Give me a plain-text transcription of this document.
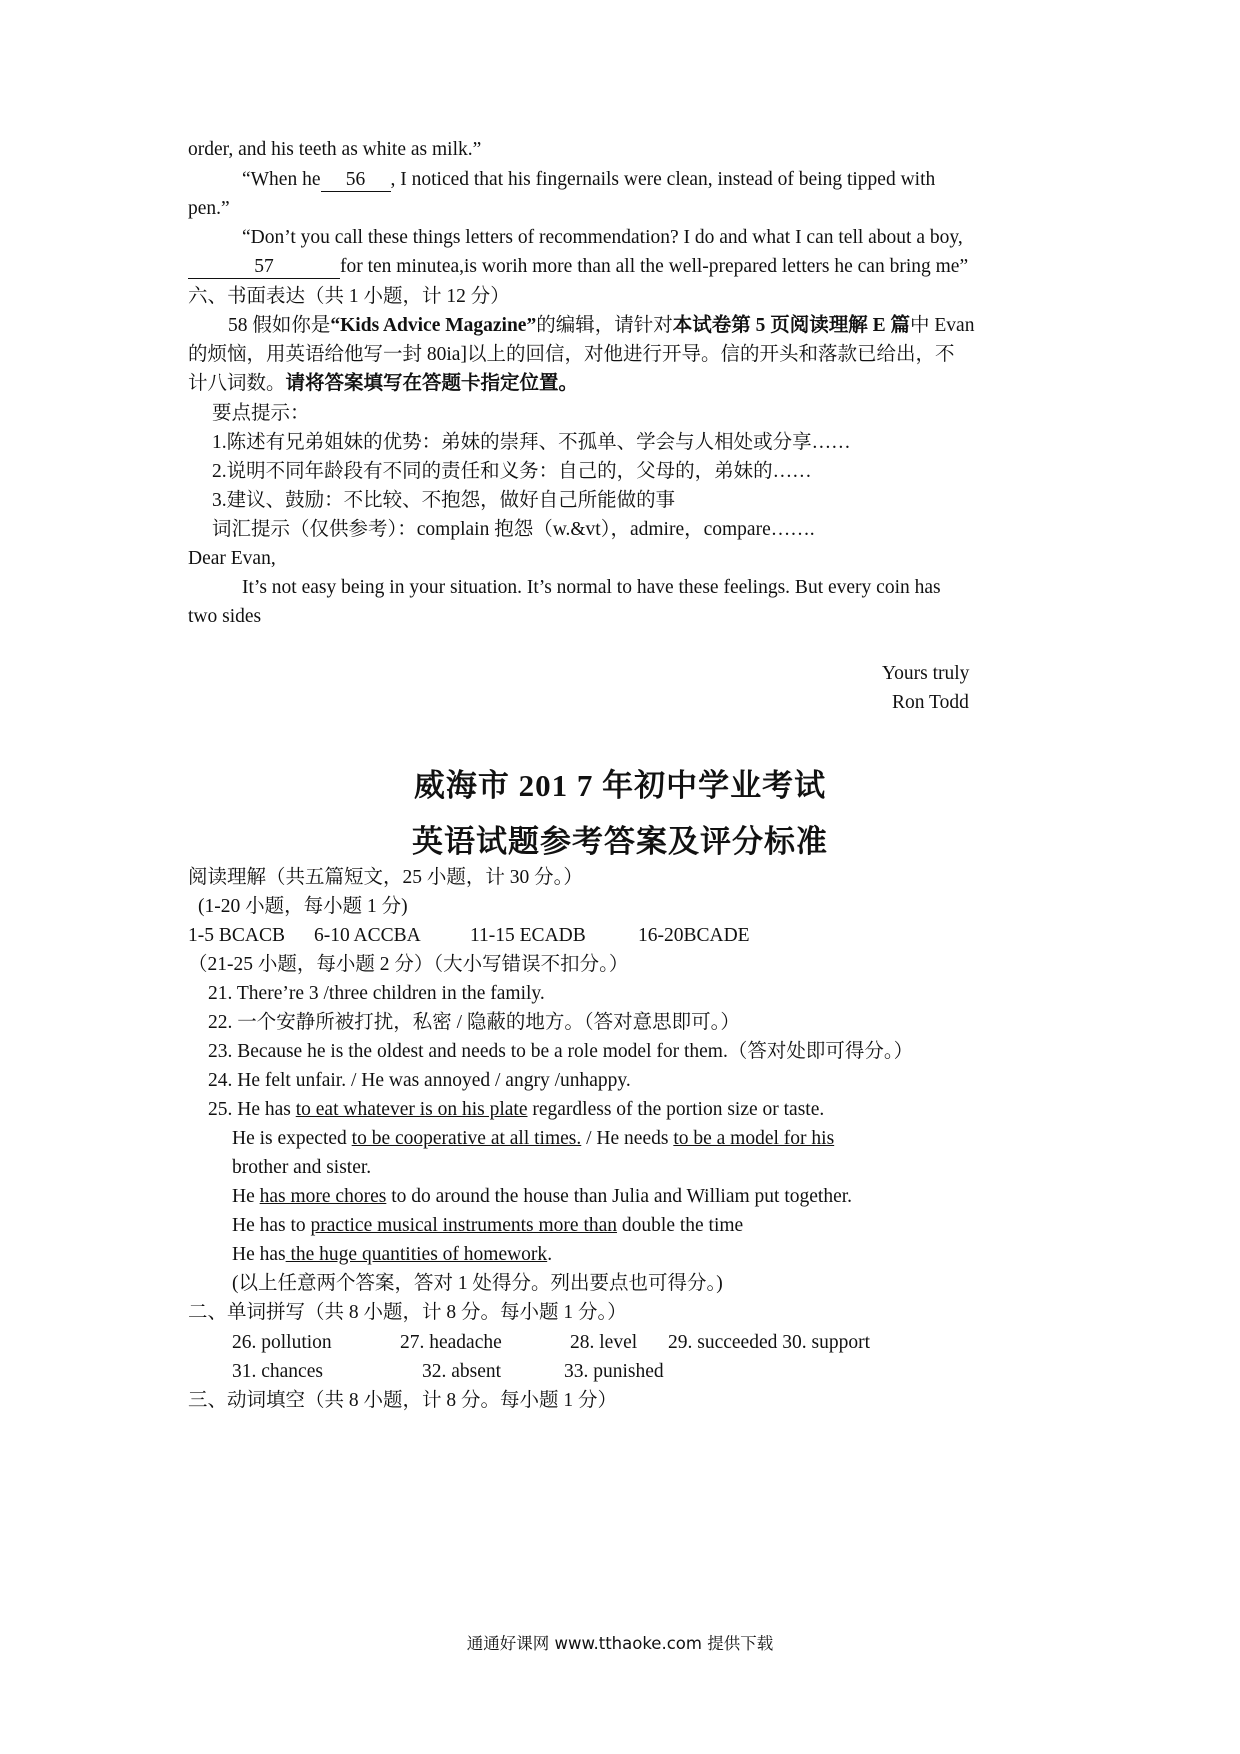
order, and his teeth as white as milk.”
“When he 56 , I noticed that his fingernails were clean, instead of being tipped with
pen.”
“Don’t you call these things letters of recommendation? I do and what I can tell about a boy,
57	for ten minutea,is worih more than all the well-prepared letters he can bring me”
六、书面表达（共 1 小题，计 12 分）
58 假如你是“Kids Advice Magazine”的编辑，请针对本试卷第 5 页阅读理解 E 篇中 Evan
的烦恼，用英语给他写一封 80ia]以上的回信，对他进行开导。信的开头和落款已给出，不
计八词数。请将答案填写在答题卡指定位置。
要点提示：
1.陈述有兄弟姐妹的优势：弟妹的崇拜、不孤单、学会与人相处或分享……
2.说明不同年龄段有不同的责任和义务：自己的，父母的，弟妹的……
3.建议、鼓励：不比较、不抱怨，做好自己所能做的事
词汇提示（仅供参考）：complain 抱怨（w.&vt），admire，compare…….
Dear Evan,
It’s not easy being in your situation. It’s normal to have these feelings. But every coin has
two sides
Yours truly
Ron Todd
威海市 201 7 年初中学业考试
英语试题参考答案及评分标准
阅读理解（共五篇短文，25 小题，计 30 分。）
(1-20 小题，每小题 1 分)
1-5 BCACB 6-10 ACCBA	11-15 ECADB	16-20BCADE
（21-25 小题，每小题 2 分）（大小写错误不扣分。）
21. There’re 3 /three children in the family.
22. 一个安静所被打扰，私密 / 隐蔽的地方。（答对意思即可。）
23. Because he is the oldest and needs to be a role model for them.（答对处即可得分。）
24. He felt unfair. / He was annoyed / angry /unhappy.
25. He has to eat whatever is on his plate regardless of the portion size or taste.
He is expected to be cooperative at all times. / He needs to be a model for his
brother and sister.
He has more chores to do around the house than Julia and William put together.
He has to practice musical instruments more than double the time
He has the huge quantities of homework.
(以上任意两个答案，答对 1 处得分。列出要点也可得分。)
二、单词拼写（共 8 小题，计 8 分。每小题 1 分。）
26. pollution	27. headache	28. level 29. succeeded 30. support
31. chances	32. absent	33. punished
三、动词填空（共 8 小题，计 8 分。每小题 1 分）
通通好课网 www.tthaoke.com 提供下载
